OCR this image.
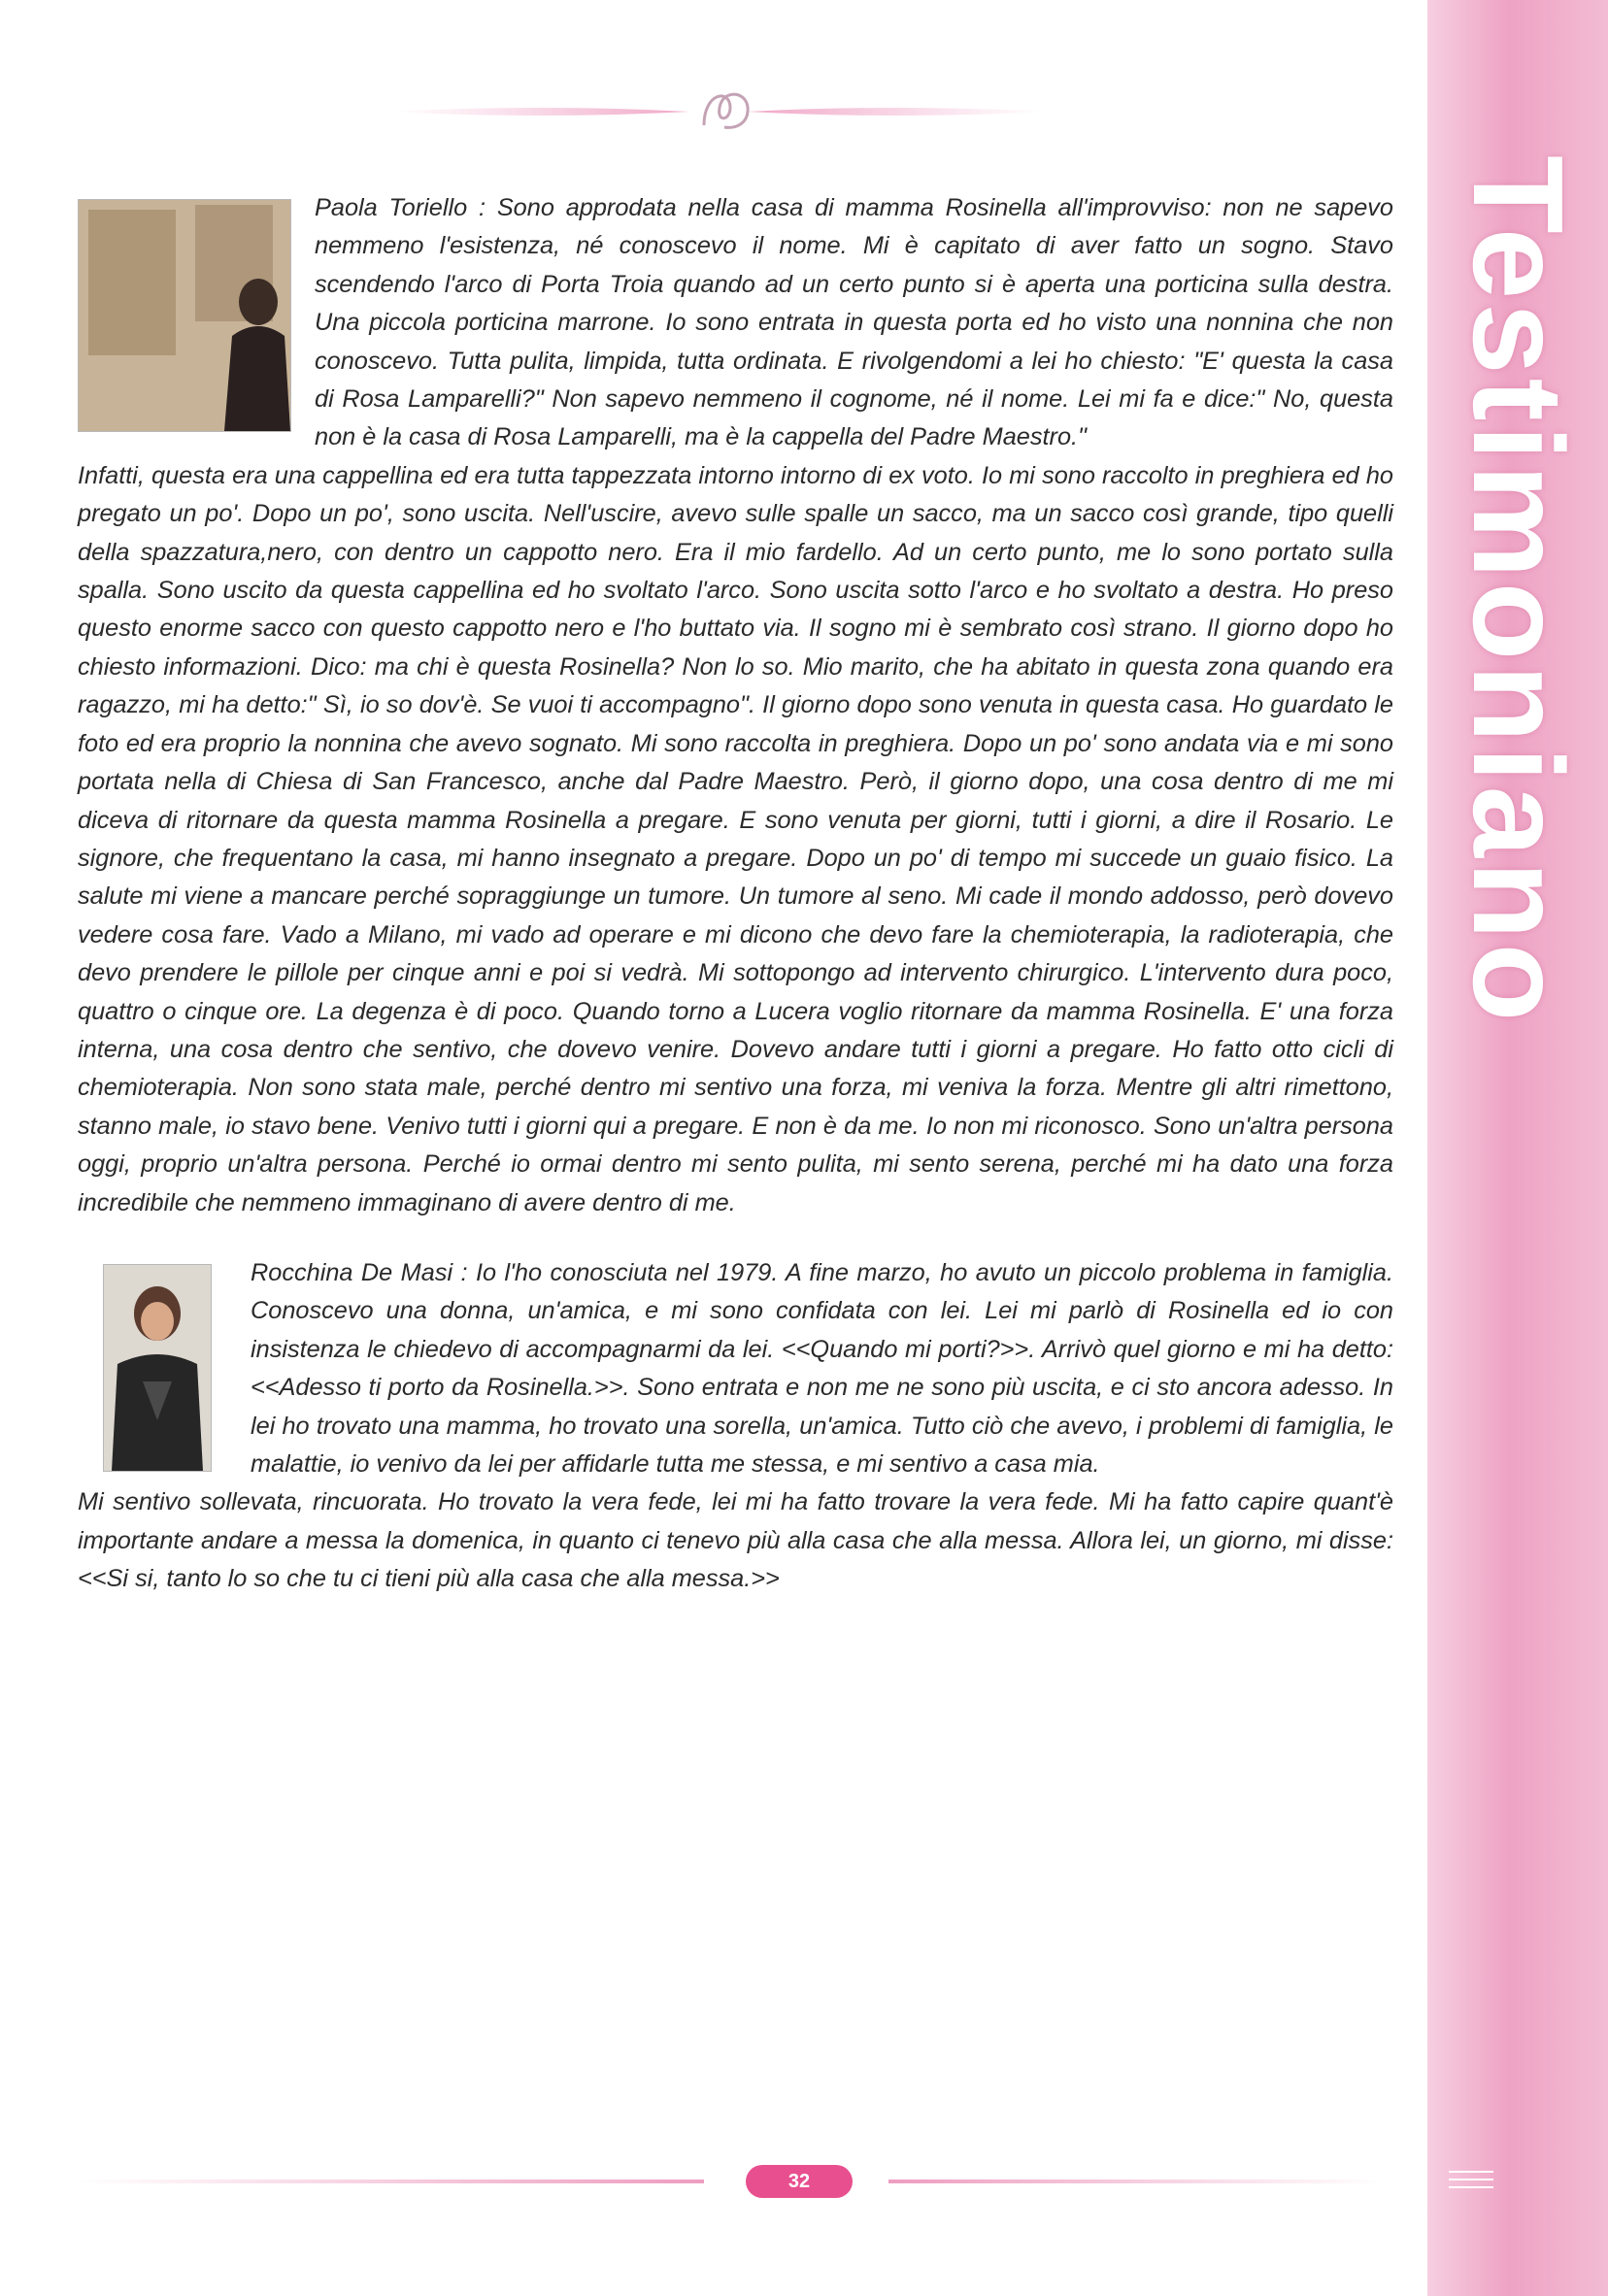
Testimoniano

Paola Toriello : Sono approdata nella casa di mamma Rosinella all'improvviso: non ne sapevo nemmeno l'esistenza, né conoscevo il nome. Mi è capitato di aver fatto un sogno. Stavo scendendo l'arco di Porta Troia quando ad un certo punto si è aperta una porticina sulla destra. Una piccola porticina marrone. Io sono entrata in questa porta ed ho visto una nonnina che non conoscevo. Tutta pulita, limpida, tutta ordinata. E rivolgendomi a lei ho chiesto: "E' questa la casa di Rosa Lamparelli?" Non sapevo nemmeno il cognome, né il nome. Lei mi fa e dice:" No, questa non è la casa di Rosa Lamparelli, ma è la cappella del Padre Maestro."

Infatti, questa era una cappellina ed era tutta tappezzata intorno intorno di ex voto. Io mi sono raccolto in preghiera ed ho pregato un po'. Dopo un po', sono uscita. Nell'uscire, avevo sulle spalle un sacco, ma un sacco così grande, tipo quelli della spazzatura,nero, con dentro un cappotto nero. Era il mio fardello. Ad un certo punto, me lo sono portato sulla spalla. Sono uscito da questa cappellina ed ho svoltato l'arco. Sono uscita sotto l'arco e ho svoltato a destra. Ho preso questo enorme sacco con questo cappotto nero e l'ho buttato via. Il sogno mi è sembrato così strano. Il giorno dopo ho chiesto informazioni. Dico: ma chi è questa Rosinella? Non lo so. Mio marito, che ha abitato in questa zona quando era ragazzo, mi ha detto:" Sì, io so dov'è. Se vuoi ti accompagno". Il giorno dopo sono venuta in questa casa. Ho guardato le foto ed era proprio la nonnina che avevo sognato. Mi sono raccolta in preghiera. Dopo un po' sono andata via e mi sono portata nella di Chiesa di San Francesco, anche dal Padre Maestro. Però, il giorno dopo, una cosa dentro di me mi diceva di ritornare da questa mamma Rosinella a pregare. E sono venuta per giorni, tutti i giorni, a dire il Rosario. Le signore, che frequentano la casa, mi hanno insegnato a pregare. Dopo un po' di tempo mi succede un guaio fisico. La salute mi viene a mancare perché sopraggiunge un tumore. Un tumore al seno. Mi cade il mondo addosso, però dovevo vedere cosa fare. Vado a Milano, mi vado ad operare e mi dicono che devo fare la chemioterapia, la radioterapia, che devo prendere le pillole per cinque anni e poi si vedrà. Mi sottopongo ad intervento chirurgico. L'intervento dura poco, quattro o cinque ore. La degenza è di poco. Quando torno a Lucera voglio ritornare da mamma Rosinella. E' una forza interna, una cosa dentro che sentivo, che dovevo venire. Dovevo andare tutti i giorni a pregare. Ho fatto otto cicli di chemioterapia. Non sono stata male, perché dentro mi sentivo una forza, mi veniva la forza. Mentre gli altri rimettono, stanno male, io stavo bene. Venivo tutti i giorni qui a pregare. E non è da me. Io non mi riconosco. Sono un'altra persona oggi, proprio un'altra persona. Perché io ormai dentro mi sento pulita, mi sento serena, perché mi ha dato una forza incredibile che nemmeno immaginano di avere dentro di me.

Rocchina De Masi : Io l'ho conosciuta nel 1979. A fine marzo, ho avuto un piccolo problema in famiglia. Conoscevo una donna, un'amica, e mi sono confidata con lei. Lei mi parlò di Rosinella ed io con insistenza le chiedevo di accompagnarmi da lei. <<Quando mi porti?>>. Arrivò quel giorno e mi ha detto: <<Adesso ti porto da Rosinella.>>. Sono entrata e non me ne sono più uscita, e ci sto ancora adesso. In lei ho trovato una mamma, ho trovato una sorella, un'amica. Tutto ciò che avevo, i problemi di famiglia, le malattie, io venivo da lei per affidarle tutta me stessa, e mi sentivo a casa mia.

Mi sentivo sollevata, rincuorata. Ho trovato la vera fede, lei mi ha fatto trovare la vera fede. Mi ha fatto capire quant'è importante andare a messa la domenica, in quanto ci tenevo più alla casa che alla messa. Allora lei, un giorno, mi disse: <<Si si, tanto lo so che tu ci tieni più alla casa che alla messa.>>

32
